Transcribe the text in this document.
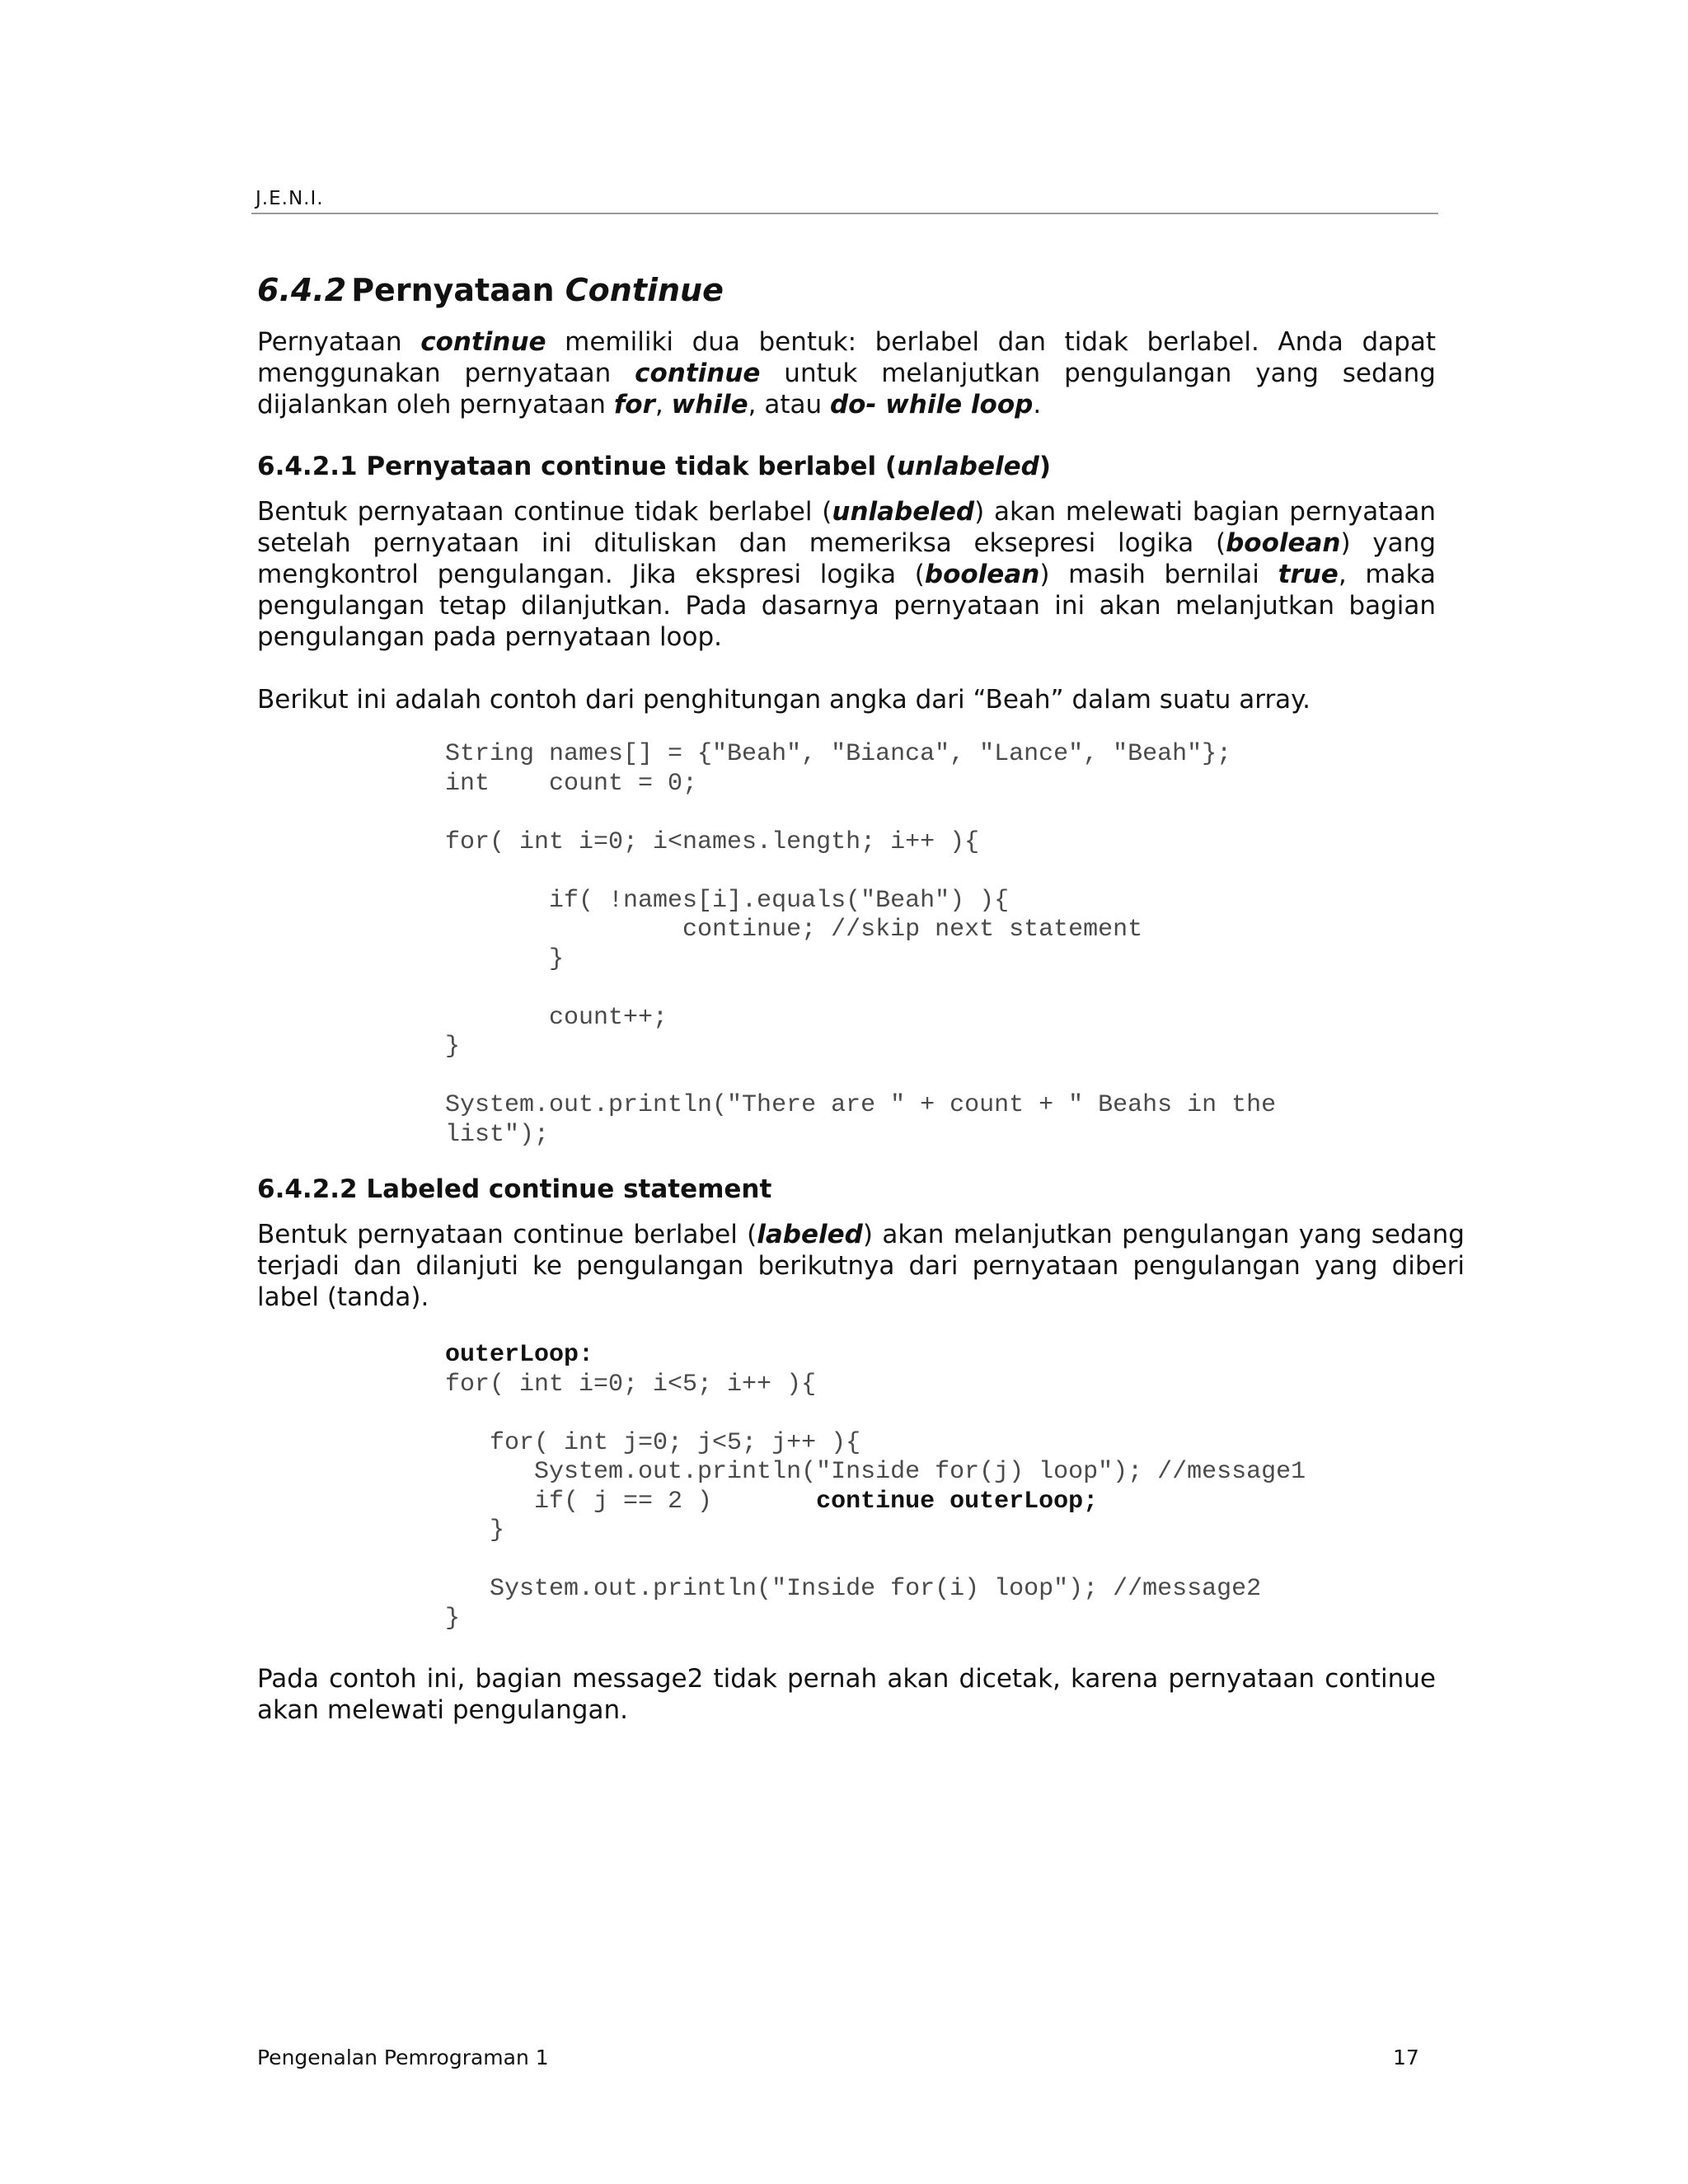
J.E.N.I.
6.4.2 Pernyataan Continue

Pernyataan continue memiliki dua bentuk: berlabel dan tidak berlabel. Anda dapat menggunakan pernyataan continue untuk melanjutkan pengulangan yang sedang dijalankan oleh pernyataan for, while, atau do- while loop.

6.4.2.1 Pernyataan continue tidak berlabel (unlabeled)

Bentuk pernyataan continue tidak berlabel (unlabeled) akan melewati bagian pernyataan setelah pernyataan ini dituliskan dan memeriksa eksepresi logika (boolean) yang mengkontrol pengulangan. Jika ekspresi logika (boolean) masih bernilai true, maka pengulangan tetap dilanjutkan. Pada dasarnya pernyataan ini akan melanjutkan bagian pengulangan pada pernyataan loop.

Berikut ini adalah contoh dari penghitungan angka dari “Beah” dalam suatu array.

String names[] = {"Beah", "Bianca", "Lance", "Beah"};
int    count = 0;

for( int i=0; i<names.length; i++ ){

if( !names[i].equals("Beah") ){
continue; //skip next statement
}

count++;
}

System.out.println("There are " + count + " Beahs in the
list");
6.4.2.2 Labeled continue statement

Bentuk pernyataan continue berlabel (labeled) akan melanjutkan pengulangan yang sedang terjadi dan dilanjuti ke pengulangan berikutnya dari pernyataan pengulangan yang diberi label (tanda).

outerLoop:
for( int i=0; i<5; i++ ){

for( int j=0; j<5; j++ ){
System.out.println("Inside for(j) loop"); //message1
if( j == 2 )       continue outerLoop;
}

System.out.println("Inside for(i) loop"); //message2
}

Pada contoh ini, bagian message2 tidak pernah akan dicetak, karena pernyataan continue akan melewati pengulangan.

Pengenalan Pemrograman 1	17
